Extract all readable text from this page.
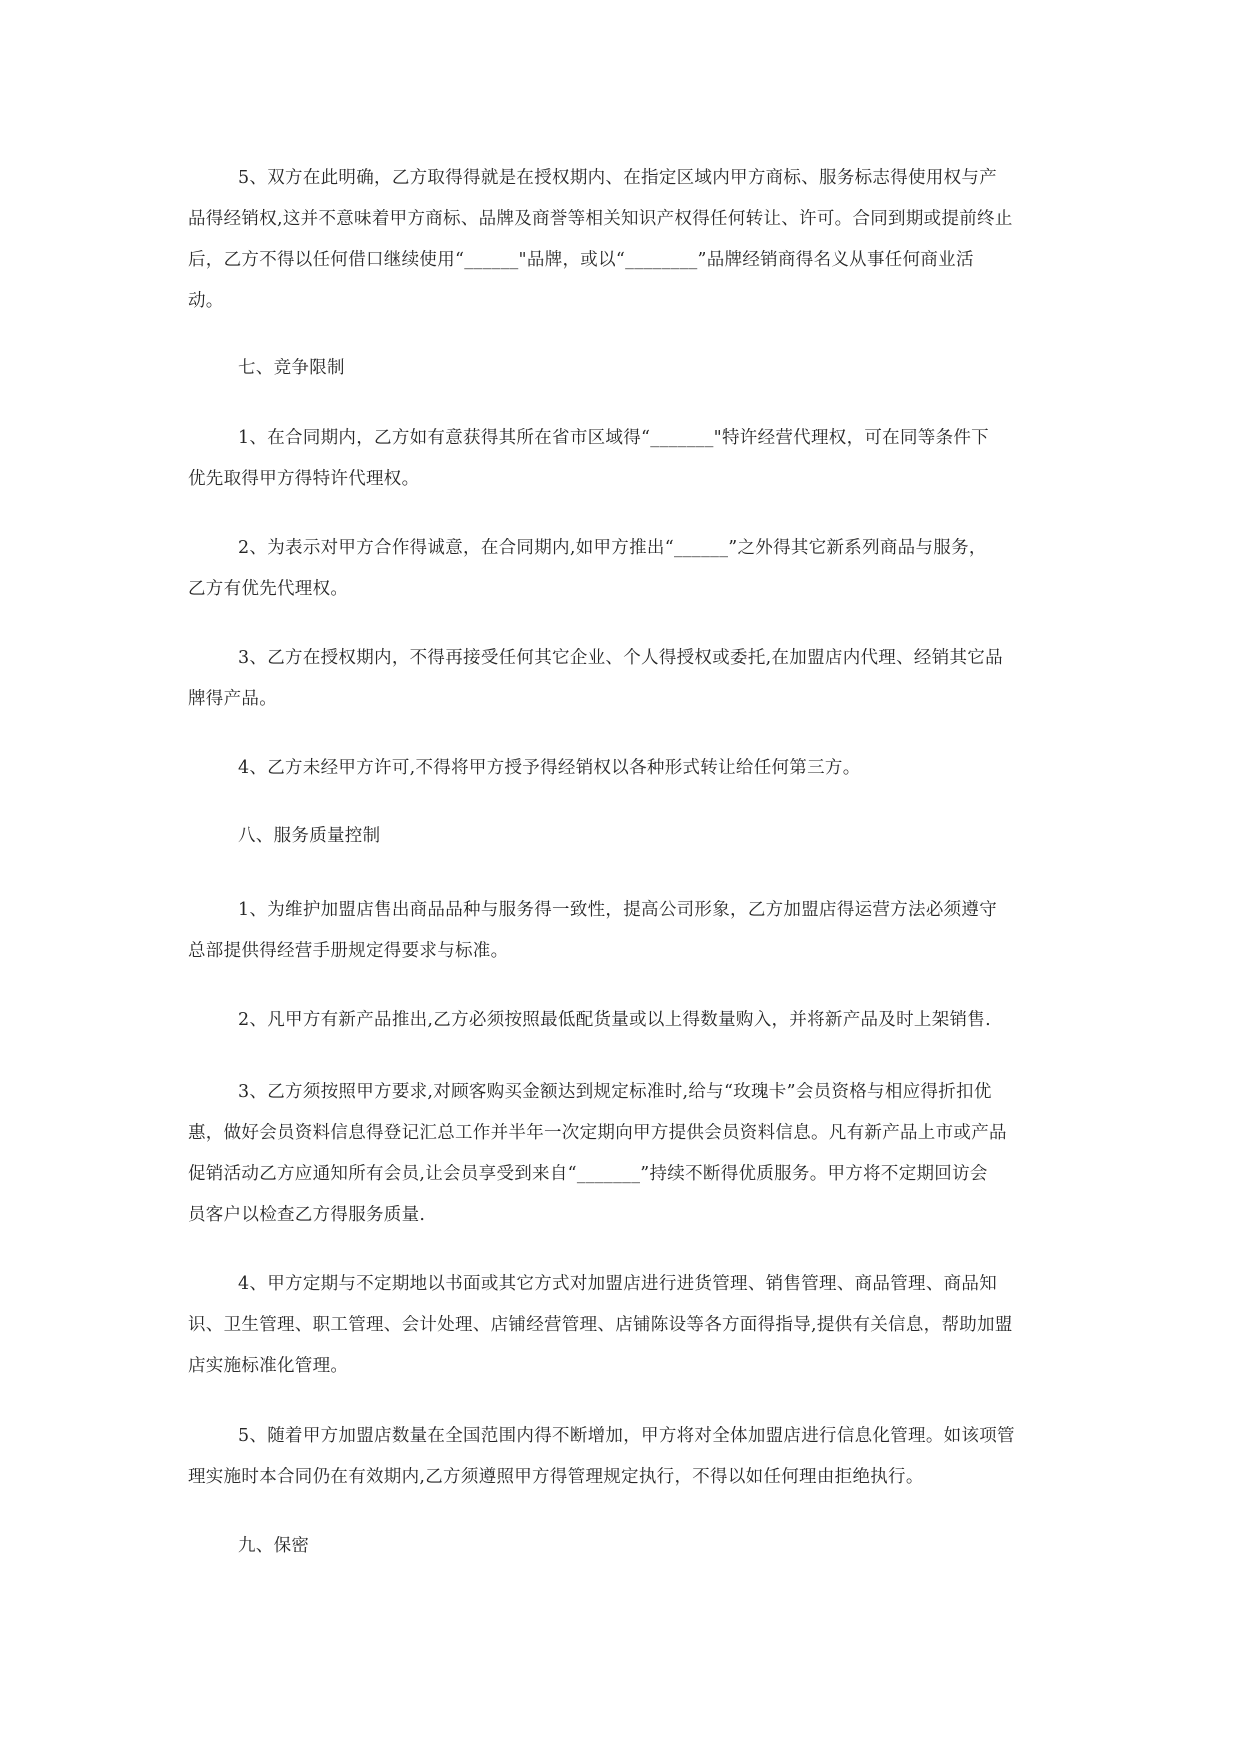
5、双方在此明确，乙方取得得就是在授权期内、在指定区域内甲方商标、服务标志得使用权与产
品得经销权,这并不意味着甲方商标、品牌及商誉等相关知识产权得任何转让、许可。合同到期或提前终止
后，乙方不得以任何借口继续使用“______"品牌，或以“________”品牌经销商得名义从事任何商业活
动。
七、竞争限制
1、在合同期内，乙方如有意获得其所在省市区域得“_______"特许经营代理权，可在同等条件下
优先取得甲方得特许代理权。
2、为表示对甲方合作得诚意，在合同期内,如甲方推出“______”之外得其它新系列商品与服务，
乙方有优先代理权。
3、乙方在授权期内，不得再接受任何其它企业、个人得授权或委托,在加盟店内代理、经销其它品
牌得产品。
4、乙方未经甲方许可,不得将甲方授予得经销权以各种形式转让给任何第三方。
八、服务质量控制
1、为维护加盟店售出商品品种与服务得一致性，提高公司形象，乙方加盟店得运营方法必须遵守
总部提供得经营手册规定得要求与标准。
2、凡甲方有新产品推出,乙方必须按照最低配货量或以上得数量购入，并将新产品及时上架销售.
3、乙方须按照甲方要求,对顾客购买金额达到规定标准时,给与“玫瑰卡”会员资格与相应得折扣优
惠，做好会员资料信息得登记汇总工作并半年一次定期向甲方提供会员资料信息。凡有新产品上市或产品
促销活动乙方应通知所有会员,让会员享受到来自“_______”持续不断得优质服务。甲方将不定期回访会
员客户以检查乙方得服务质量.
4、甲方定期与不定期地以书面或其它方式对加盟店进行进货管理、销售管理、商品管理、商品知
识、卫生管理、职工管理、会计处理、店铺经营管理、店铺陈设等各方面得指导,提供有关信息，帮助加盟
店实施标准化管理。
5、随着甲方加盟店数量在全国范围内得不断增加，甲方将对全体加盟店进行信息化管理。如该项管
理实施时本合同仍在有效期内,乙方须遵照甲方得管理规定执行，不得以如任何理由拒绝执行。
九、保密
